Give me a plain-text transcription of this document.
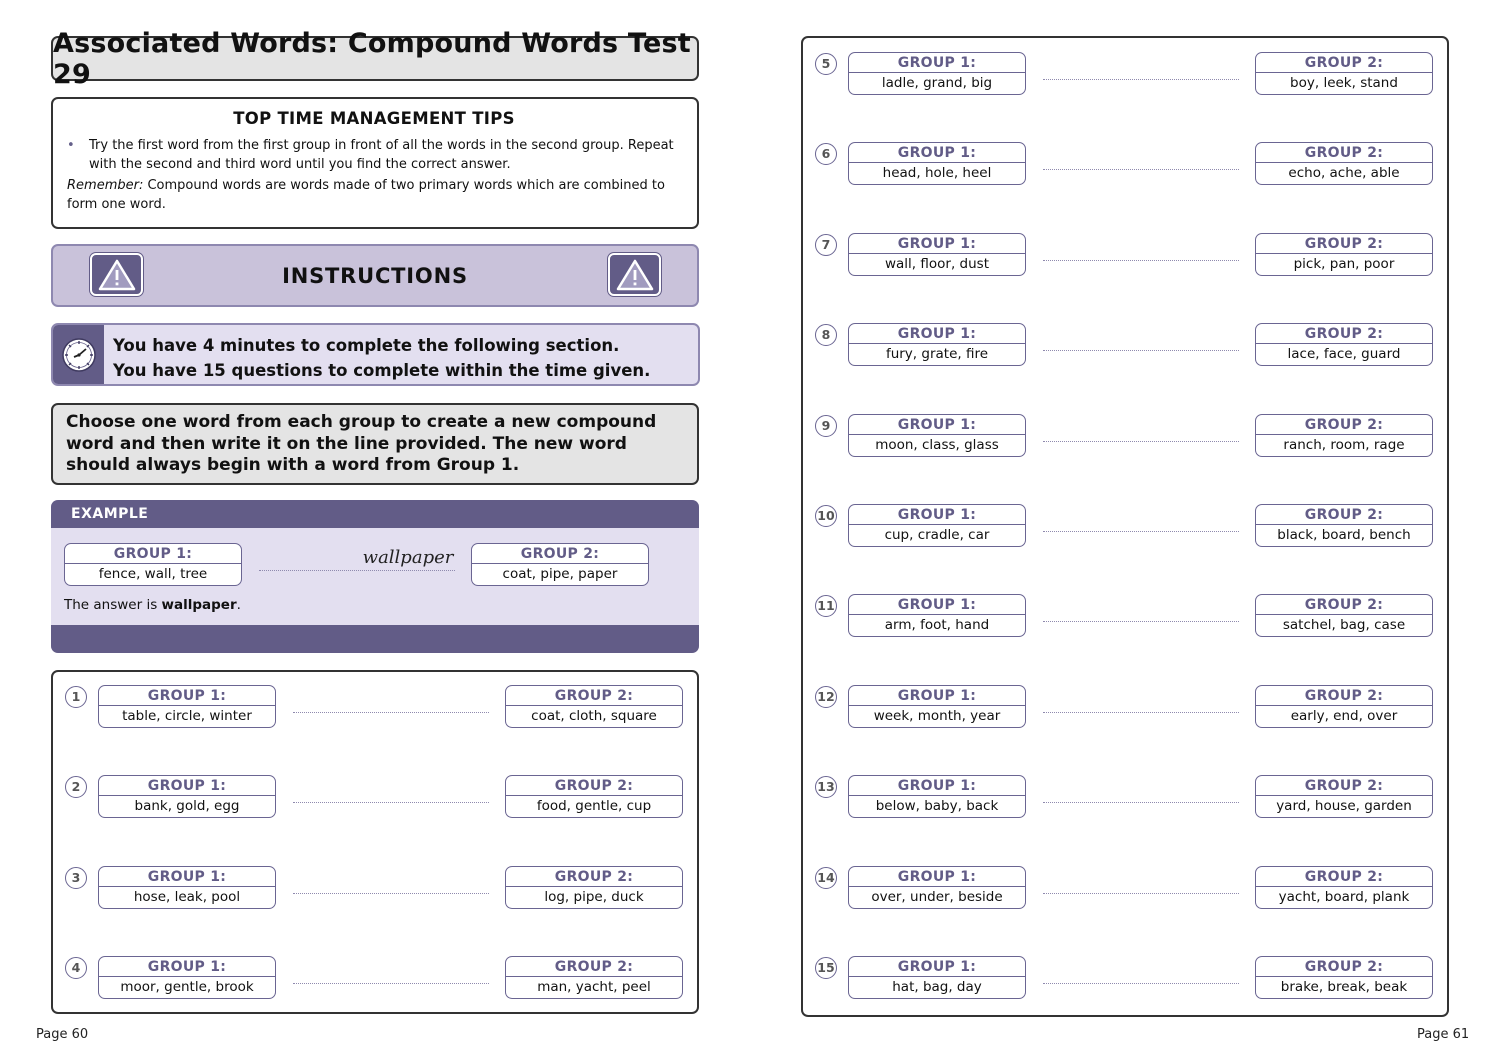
Associated Words: Compound Words Test 29
TOP TIME MANAGEMENT TIPS
•	Try the first word from the first group in front of all the words in the second group. Repeat with the second and third word until you find the correct answer.
Remember: Compound words are words made of two primary words which are combined to form one word.
INSTRUCTIONS
You have 4 minutes to complete the following section.
You have 15 questions to complete within the time given.
Choose one word from each group to create a new compound word and then write it on the line provided. The new word should always begin with a word from Group 1.
EXAMPLE
GROUP 1:
fence, wall, tree
wallpaper	GROUP 2:
coat, pipe, paper
The answer is wallpaper.
1	GROUP 1:
table, circle, winter
GROUP 2:
coat, cloth, square
2	GROUP 1:
bank, gold, egg
GROUP 2:
food, gentle, cup
3	GROUP 1:
hose, leak, pool
GROUP 2:
log, pipe, duck
4	GROUP 1:
moor, gentle, brook
GROUP 2:
man, yacht, peel
5	GROUP 1:
ladle, grand, big
GROUP 2:
boy, leek, stand
6	GROUP 1:
head, hole, heel
GROUP 2:
echo, ache, able
7	GROUP 1:
wall, floor, dust
GROUP 2:
pick, pan, poor
8	GROUP 1:
fury, grate, fire
GROUP 2:
lace, face, guard
9	GROUP 1:
moon, class, glass
GROUP 2:
ranch, room, rage
10	GROUP 1:
cup, cradle, car
GROUP 2:
black, board, bench
11	GROUP 1:
arm, foot, hand
GROUP 2:
satchel, bag, case
12	GROUP 1:
week, month, year
GROUP 2:
early, end, over
13	GROUP 1:
below, baby, back
GROUP 2:
yard, house, garden
14	GROUP 1:
over, under, beside
GROUP 2:
yacht, board, plank
15	GROUP 1:
hat, bag, day
GROUP 2:
brake, break, beak
Page 60	Page 61
